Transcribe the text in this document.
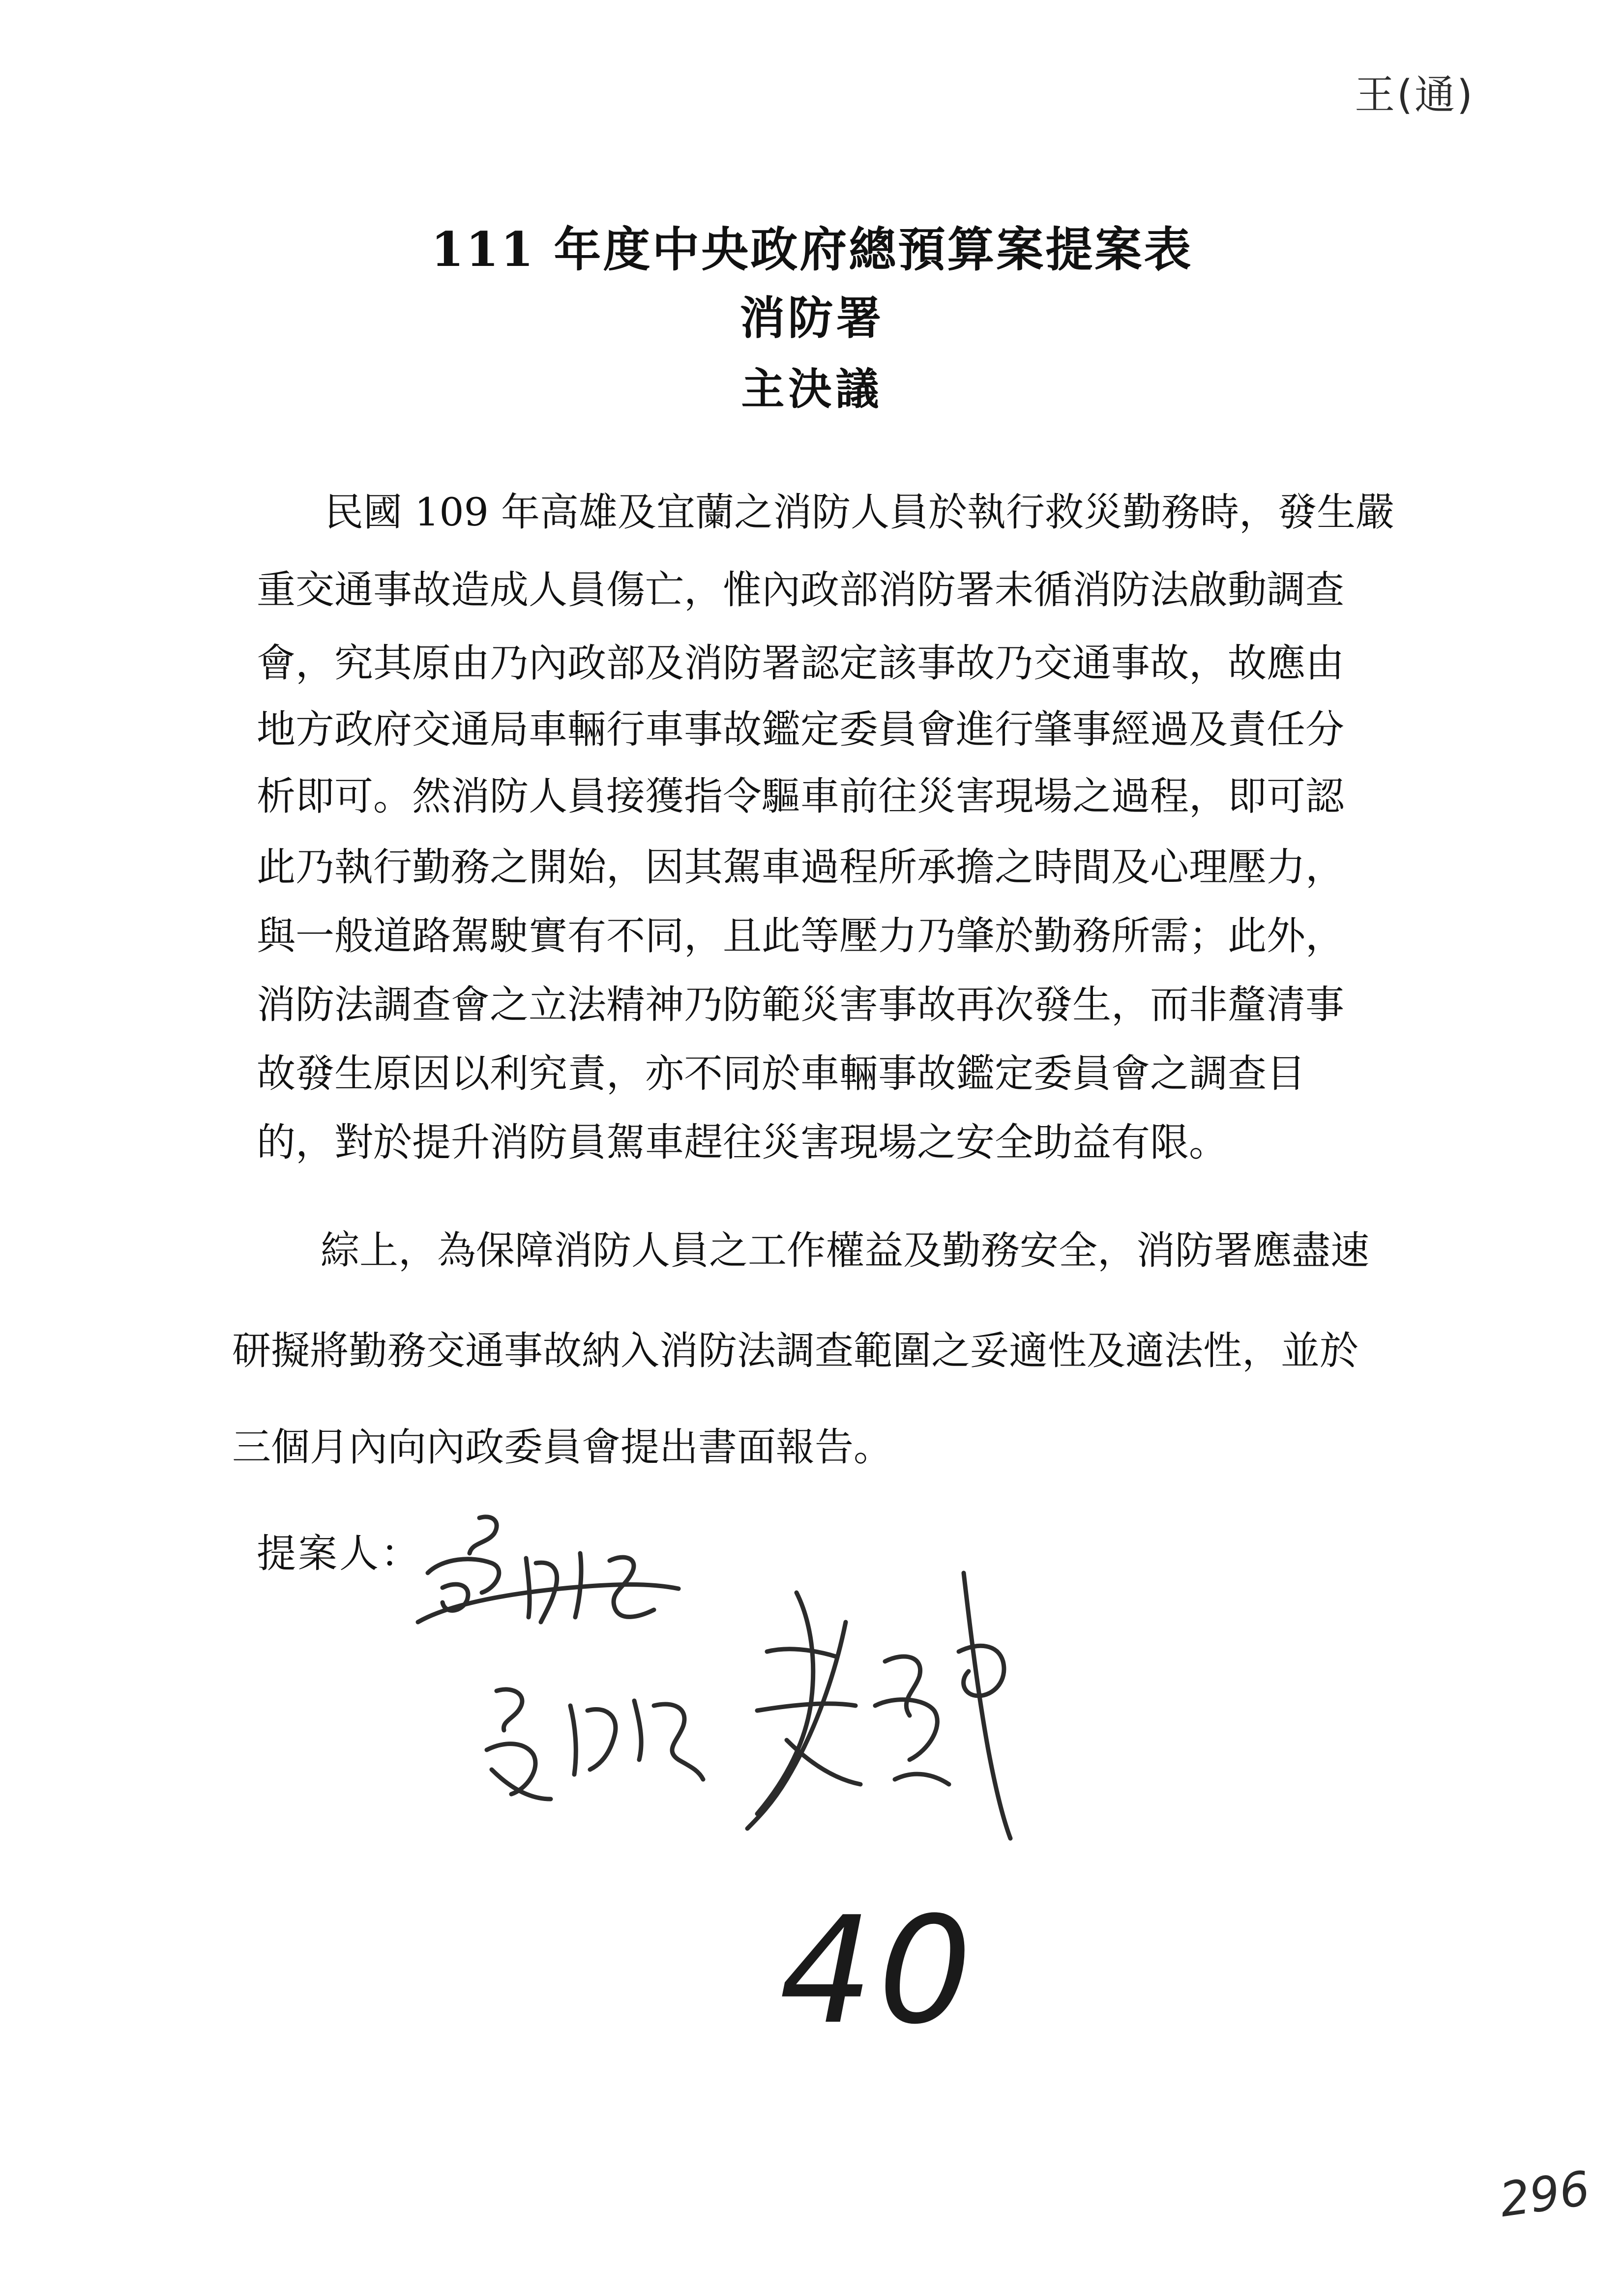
王(通)
111 年度中央政府總預算案提案表
消防署
主決議
民國 109 年高雄及宜蘭之消防人員於執行救災勤務時，發生嚴
重交通事故造成人員傷亡，惟內政部消防署未循消防法啟動調查
會，究其原由乃內政部及消防署認定該事故乃交通事故，故應由
地方政府交通局車輛行車事故鑑定委員會進行肇事經過及責任分
析即可。然消防人員接獲指令驅車前往災害現場之過程，即可認
此乃執行勤務之開始，因其駕車過程所承擔之時間及心理壓力，
與一般道路駕駛實有不同，且此等壓力乃肇於勤務所需；此外，
消防法調查會之立法精神乃防範災害事故再次發生，而非釐清事
故發生原因以利究責，亦不同於車輛事故鑑定委員會之調查目
的，對於提升消防員駕車趕往災害現場之安全助益有限。
綜上，為保障消防人員之工作權益及勤務安全，消防署應盡速
研擬將勤務交通事故納入消防法調查範圍之妥適性及適法性，並於
三個月內向內政委員會提出書面報告。
提案人：
40
296
